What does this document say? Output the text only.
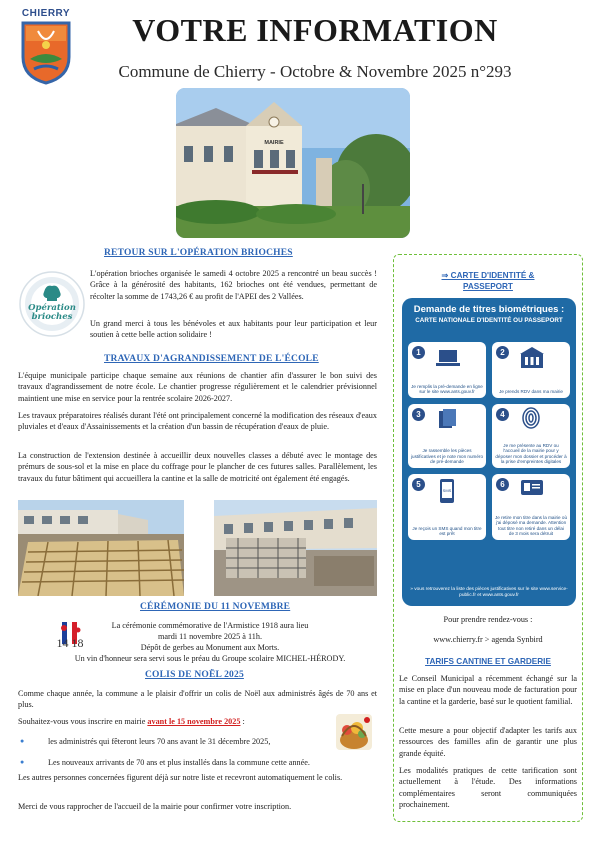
CHIERRY	VOTRE INFORMATION
Commune de Chierry - Octobre & Novembre 2025 n°293
MAIRIE
RETOUR SUR L'OPÉRATION BRIOCHES
Opération brioches
L'opération brioches organisée le samedi 4 octobre 2025 a rencontré un beau succès ! Grâce à la générosité des habitants, 162 brioches ont été vendues, permettant de récolter la somme de 1743,26 € au profit de l'APEI des 2 Vallées.
Un grand merci à tous les bénévoles et aux habitants pour leur participation et leur soutien à cette belle action solidaire !
TRAVAUX D'AGRANDISSEMENT DE L'ÉCOLE
L'équipe municipale participe chaque semaine aux réunions de chantier afin d'assurer le bon suivi des travaux d'agrandissement de notre école. Le chantier progresse régulièrement et le calendrier prévisionnel maintient une mise en service pour la rentrée scolaire 2026-2027.
Les travaux préparatoires réalisés durant l'été ont principalement concerné la modification des réseaux d'eaux pluviales et d'eaux d'Assainissements et la création d'un bassin de récupération d'eaux de pluie.
La construction de l'extension destinée à accueillir deux nouvelles classes a débuté avec le montage des prémurs de sous-sol et la mise en place du coffrage pour le plancher de ces futures salles. Parallèlement, les travaux du futur bâtiment qui accueillera la cantine et la salle de motricité ont également été engagés.
CÉRÉMONIE DU 11 NOVEMBRE
14 18
La cérémonie commémorative de l'Armistice 1918 aura lieu
mardi 11 novembre 2025 à 11h.
Dépôt de gerbes au Monument aux Morts.
Un vin d'honneur sera servi sous le préau du Groupe scolaire MICHEL-HÉRODY.
COLIS DE NOËL 2025
Comme chaque année, la commune a le plaisir d'offrir un colis de Noël aux administrés âgés de 70 ans et plus.
Souhaitez-vous vous inscrire en mairie avant le 15 novembre 2025 :
● les administrés qui fêteront leurs 70 ans avant le 31 décembre 2025,
● Les nouveaux arrivants de 70 ans et plus installés dans la commune cette année.
Les autres personnes concernées figurent déjà sur notre liste et recevront automatiquement le colis.
Merci de vous rapprocher de l'accueil de la mairie pour confirmer votre inscription.
⇒ CARTE D'IDENTITÉ &
PASSEPORT
Demande de titres biométriques :
CARTE NATIONALE D'IDENTITÉ OU PASSEPORT
1
Je remplis la pré-demande en ligne sur le site www.ants.gouv.fr
2
Je prends RDV dans ma mairie
3
Je rassemble les pièces justificatives et je note mon numéro de pré-demande
4
Je me présente au RDV ou l'accueil de la mairie pour y déposer mon dossier et procéder à la prise d'empreintes digitales
5
SMS
Je reçois un SMS quand mon titre est prêt
6
Je retire mon titre dans la mairie où j'ai déposé ma demande. Attention tout titre non retiré dans un délai de 3 mois sera détruit
» vous retrouverez la liste des pièces justificatives sur le site www.service-public.fr et www.ants.gouv.fr
Pour prendre rendez-vous :
www.chierry.fr > agenda Synbird
TARIFS CANTINE ET GARDERIE
Le Conseil Municipal a récemment échangé sur la mise en place d'un nouveau mode de facturation pour la cantine et la garderie, basé sur le quotient familial.
Cette mesure a pour objectif d'adapter les tarifs aux ressources des familles afin de garantir une plus grande équité.
Les modalités pratiques de cette tarification sont actuellement à l'étude. Des informations complémentaires seront communiquées prochainement.
